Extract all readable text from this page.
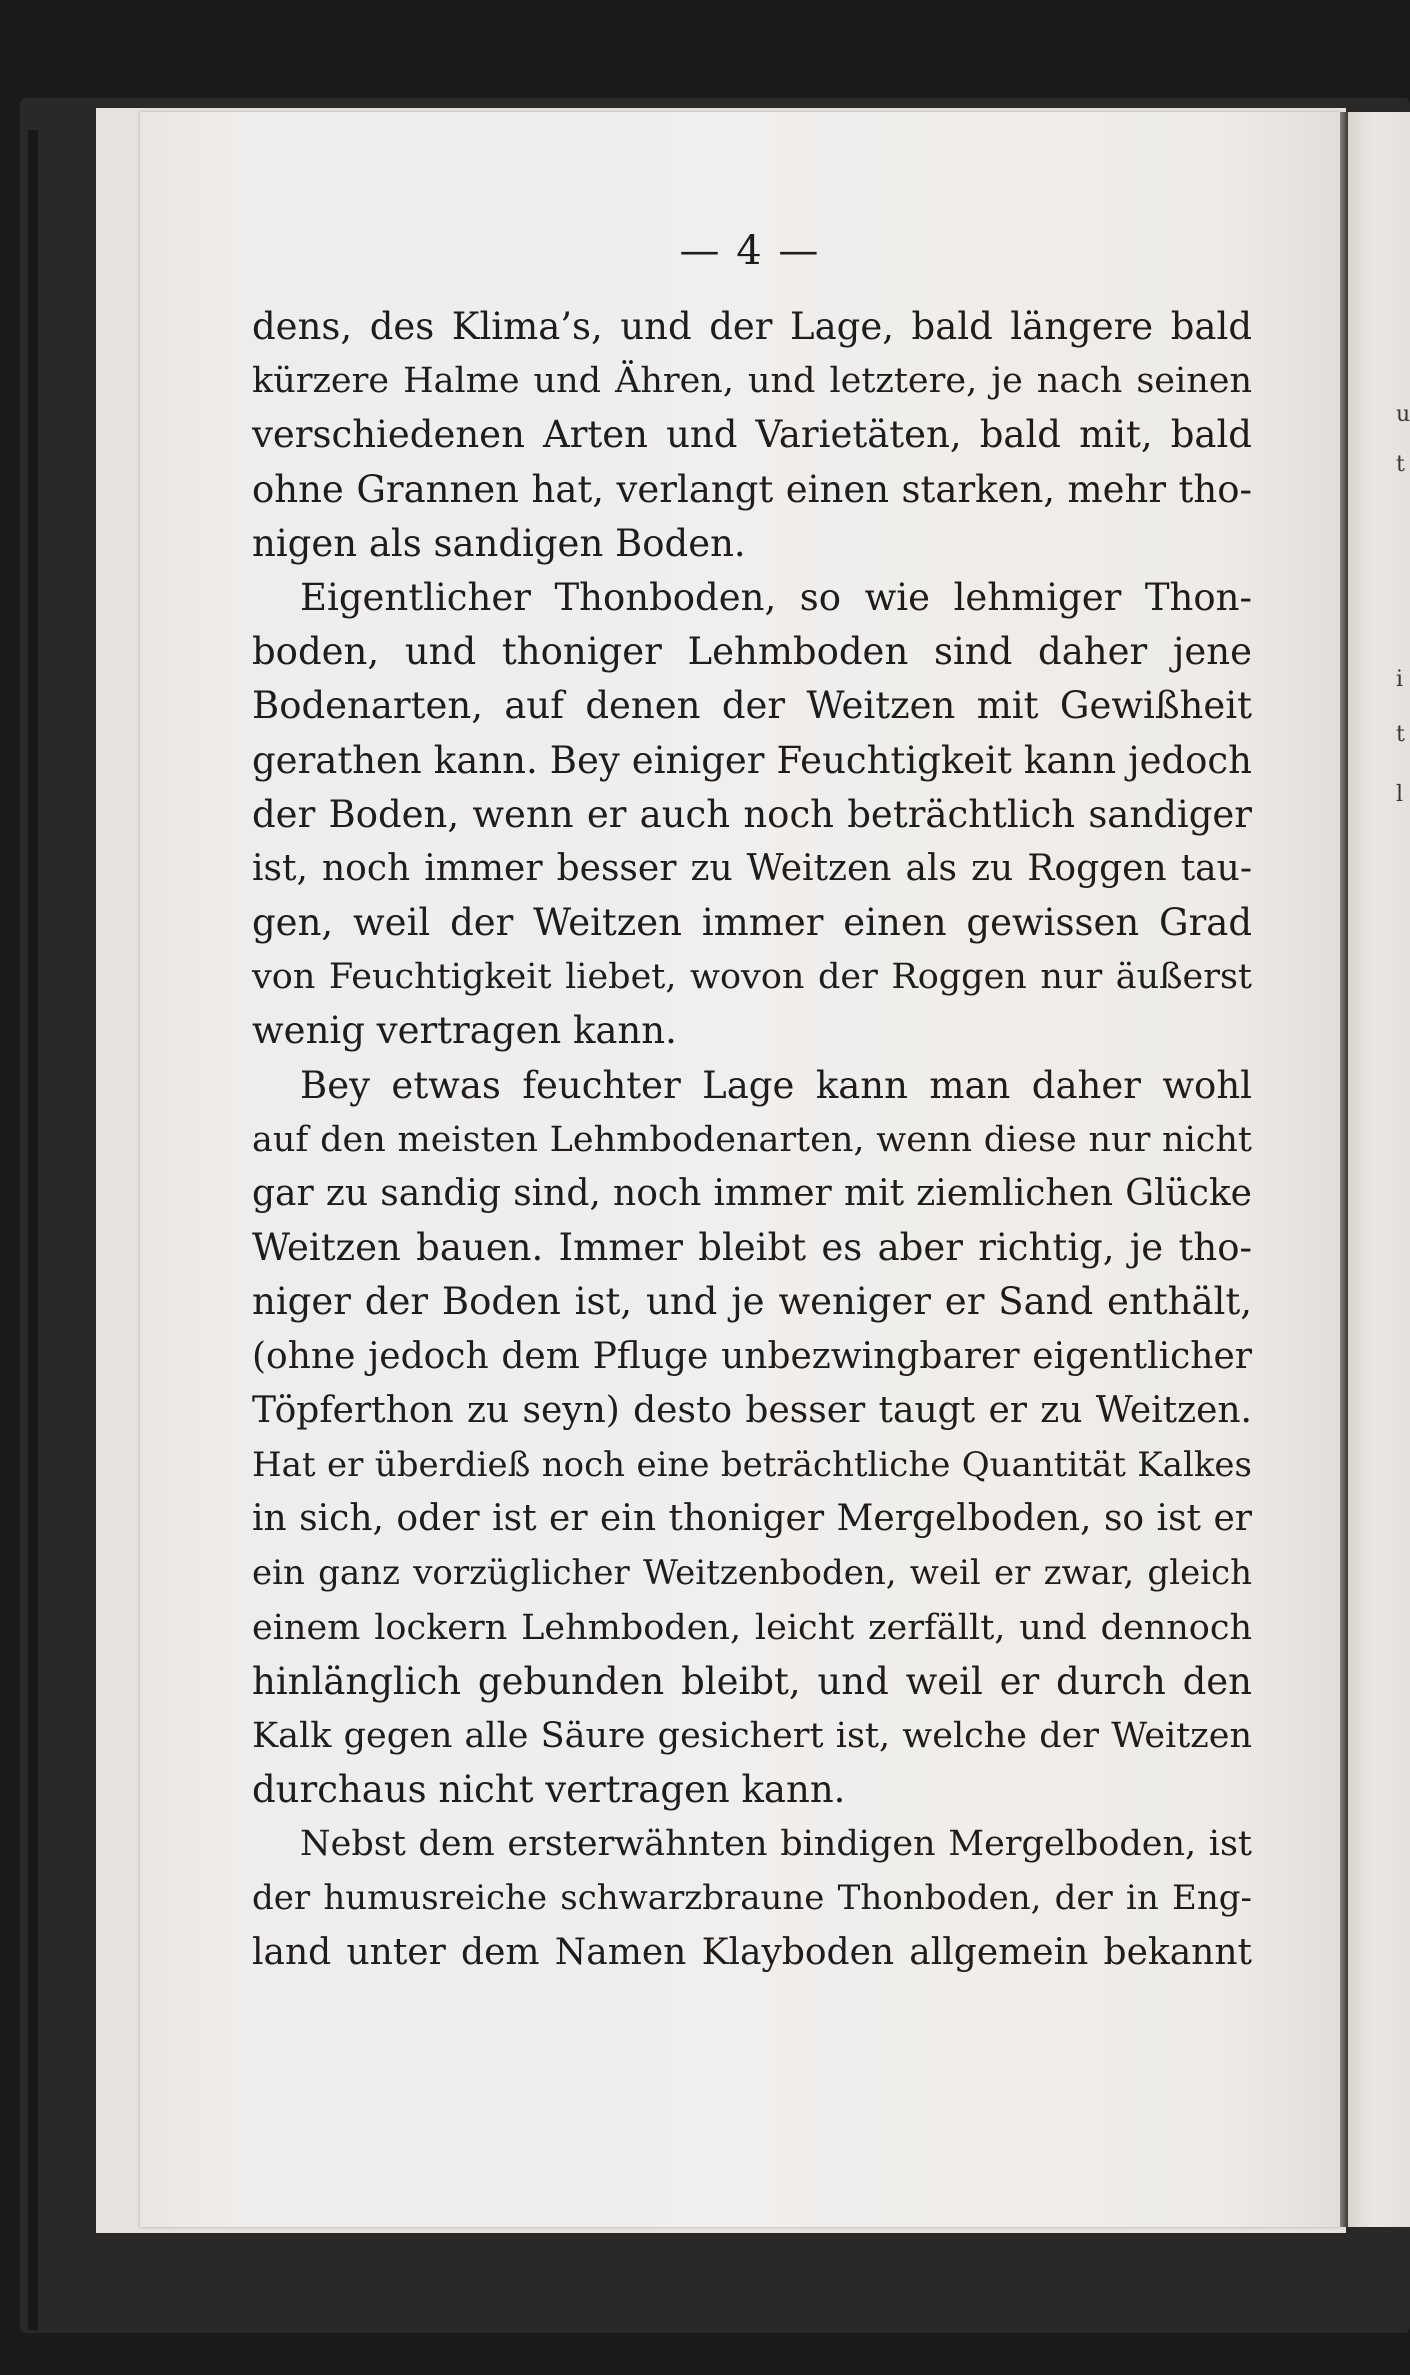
u
t
i
t
l
— 4 —
dens, des Klima’s, und der Lage, bald längere bald
kürzere Halme und Ähren, und letztere, je nach seinen
verschiedenen Arten und Varietäten, bald mit, bald
ohne Grannen hat, verlangt einen starken, mehr tho-
nigen als sandigen Boden.
Eigentlicher Thonboden, so wie lehmiger Thon-
boden, und thoniger Lehmboden sind daher jene
Bodenarten, auf denen der Weitzen mit Gewißheit
gerathen kann. Bey einiger Feuchtigkeit kann jedoch
der Boden, wenn er auch noch beträchtlich sandiger
ist, noch immer besser zu Weitzen als zu Roggen tau-
gen, weil der Weitzen immer einen gewissen Grad
von Feuchtigkeit liebet, wovon der Roggen nur äußerst
wenig vertragen kann.
Bey etwas feuchter Lage kann man daher wohl
auf den meisten Lehmbodenarten, wenn diese nur nicht
gar zu sandig sind, noch immer mit ziemlichen Glücke
Weitzen bauen. Immer bleibt es aber richtig, je tho-
niger der Boden ist, und je weniger er Sand enthält,
(ohne jedoch dem Pfluge unbezwingbarer eigentlicher
Töpferthon zu seyn) desto besser taugt er zu Weitzen.
Hat er überdieß noch eine beträchtliche Quantität Kalkes
in sich, oder ist er ein thoniger Mergelboden, so ist er
ein ganz vorzüglicher Weitzenboden, weil er zwar, gleich
einem lockern Lehmboden, leicht zerfällt, und dennoch
hinlänglich gebunden bleibt, und weil er durch den
Kalk gegen alle Säure gesichert ist, welche der Weitzen
durchaus nicht vertragen kann.
Nebst dem ersterwähnten bindigen Mergelboden, ist
der humusreiche schwarzbraune Thonboden, der in Eng-
land unter dem Namen Klayboden allgemein bekannt
